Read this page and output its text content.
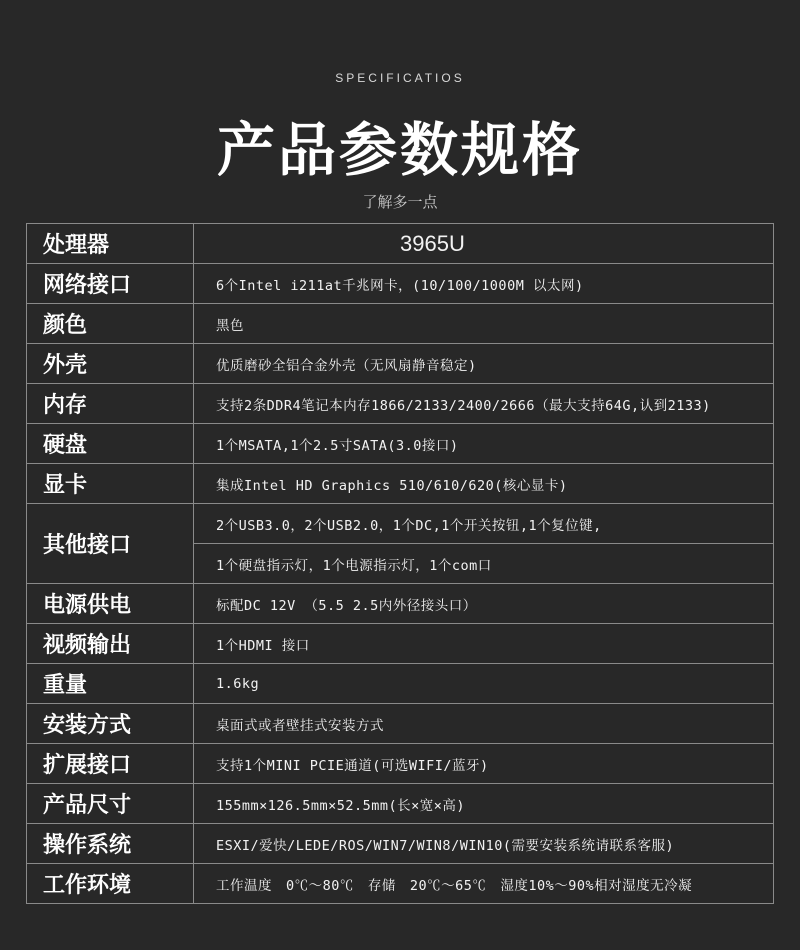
SPECIFICATIOS
产品参数规格
了解多一点
处理器	3965U
网络接口	6个Intel i211at千兆网卡，(10/100/1000M 以太网)
颜色	黑色
外壳	优质磨砂全铝合金外壳（无风扇静音稳定)
内存	支持2条DDR4笔记本内存1866/2133/2400/2666（最大支持64G,认到2133)
硬盘	1个MSATA,1个2.5寸SATA(3.0接口)
显卡	集成Intel HD Graphics 510/610/620(核心显卡)
其他接口	2个USB3.0，2个USB2.0，1个DC,1个开关按钮,1个复位键,
	1个硬盘指示灯，1个电源指示灯，1个com口
电源供电	标配DC 12V （5.5 2.5内外径接头口）
视频输出	1个HDMI 接口
重量	1.6kg
安装方式	桌面式或者壁挂式安装方式
扩展接口	支持1个MINI PCIE通道(可选WIFI/蓝牙)
产品尺寸	155mm×126.5mm×52.5mm(长×宽×高)
操作系统	ESXI/爱快/LEDE/ROS/WIN7/WIN8/WIN10(需要安装系统请联系客服)
工作环境	工作温度　0℃～80℃　存储　20℃～65℃　湿度10%～90%相对湿度无冷凝
